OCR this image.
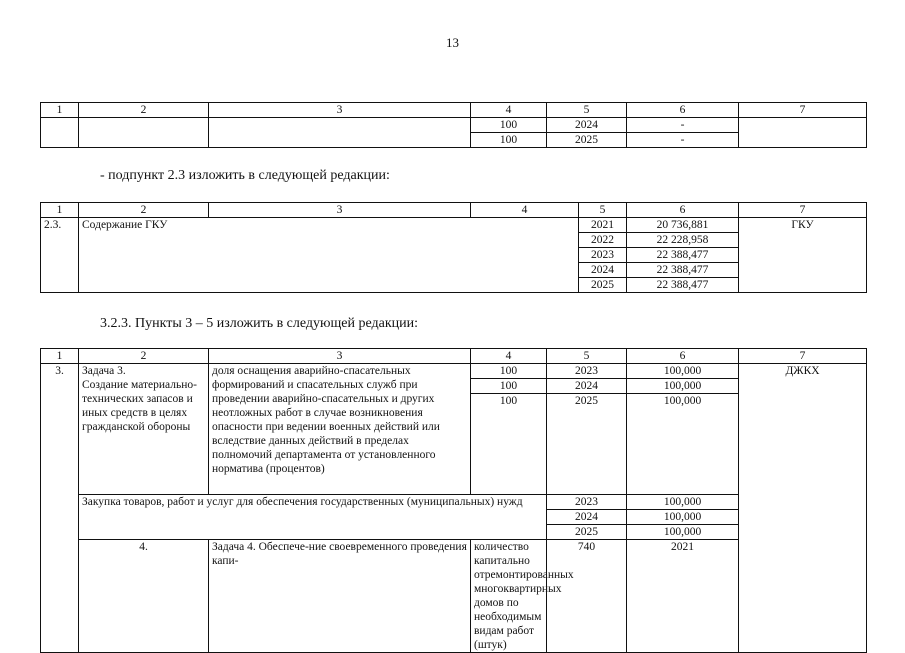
13
1	2	3	4	5	6	7
			100	2024	-	
			100	2025	-	
- подпункт 2.3 изложить в следующей редакции:
1	2	3	4	5	6	7
2.3.	Содержание ГКУ			2021	20 736,881	ГКУ
				2022	22 228,958	
				2023	22 388,477	
				2024	22 388,477	
				2025	22 388,477	
3.2.3. Пункты 3 – 5 изложить в следующей редакции:
1	2	3	4	5	6	7	
3.	Задача 3.
Создание материально-технических запасов и иных средств в целях гражданской обороны	доля оснащения аварийно-спасательных формирований и спасательных служб при проведении аварийно-спасательных и других неотложных работ в случае возникновения опасности при ведении военных действий или вследствие данных действий в пределах полномочий департамента от установленного норматива (процентов)	100	2023	100,000	ДЖКХ	
			100	2024	100,000		
			100	2025	100,000		
	Закупка товаров, работ и услуг для обеспечения государственных (муниципальных) нужд			2023	100,000		
				2024	100,000		
				2025	100,000		
	4.	Задача 4. Обеспече-ние своевременного проведения капи-	количество капитально отремонтированных многоквартирных домов по необходимым видам работ (штук)	740	2021		
